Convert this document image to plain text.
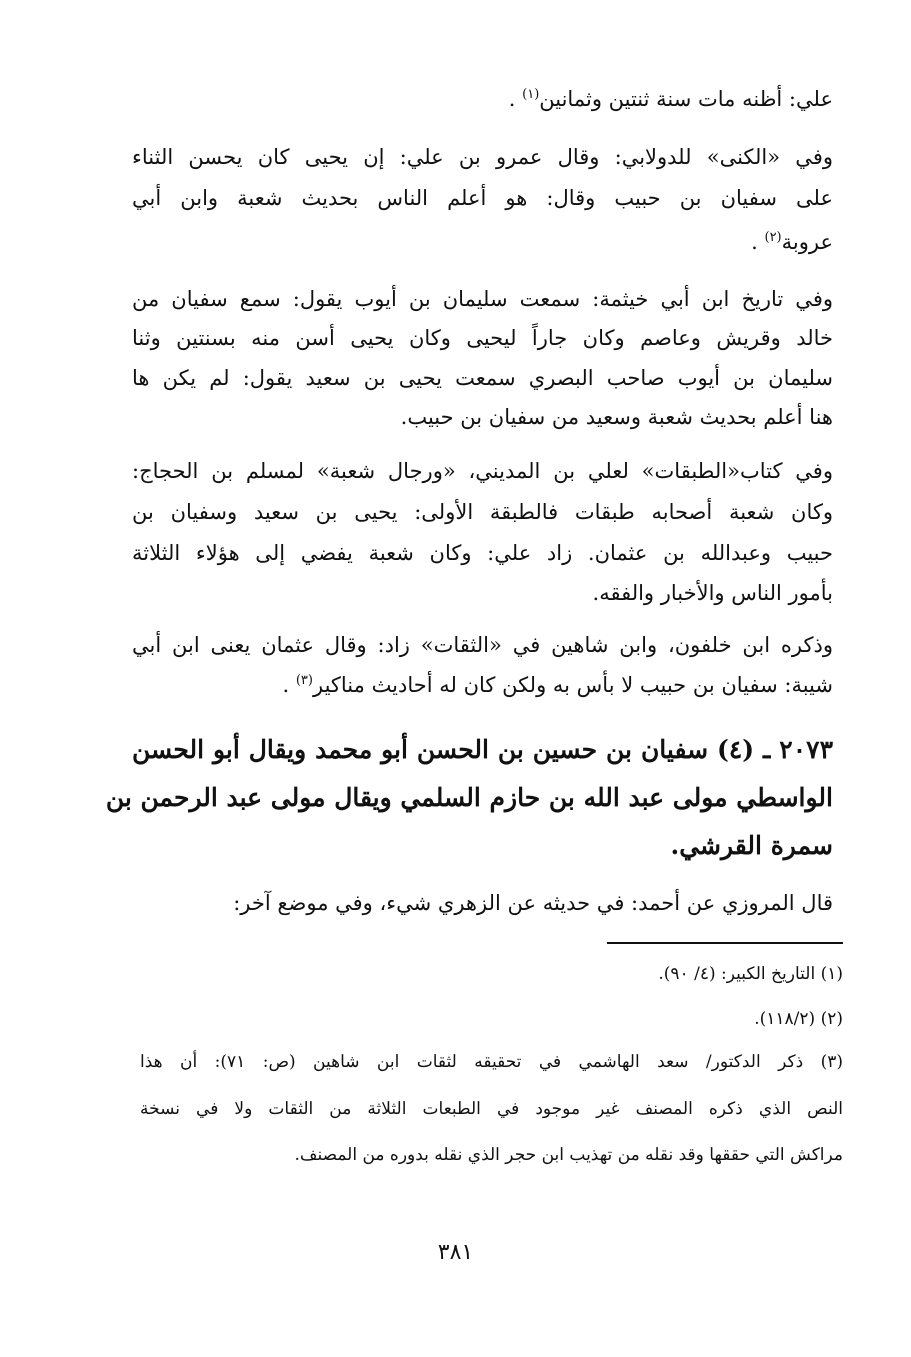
علي: أظنه مات سنة ثنتين وثمانين$^{(١)}$ .
وفي «الكنى» للدولابي: وقال عمرو بن علي: إن يحيى كان يحسن الثناء
على سفيان بن حبيب وقال: هو أعلم الناس بحديث شعبة وابن أبي
عروبة$^{(٢)}$ .
وفي تاريخ ابن أبي خيثمة: سمعت سليمان بن أيوب يقول: سمع سفيان من
خالد وقريش وعاصم وكان جاراً ليحيى وكان يحيى أسن منه بسنتين وثنا
سليمان بن أيوب صاحب البصري سمعت يحيى بن سعيد يقول: لم يكن ها
هنا أعلم بحديث شعبة وسعيد من سفيان بن حبيب.
وفي كتاب«الطبقات» لعلي بن المديني، «ورجال شعبة» لمسلم بن الحجاج:
وكان شعبة أصحابه طبقات فالطبقة الأولى: يحيى بن سعيد وسفيان بن
حبيب وعبدالله بن عثمان. زاد علي: وكان شعبة يفضي إلى هؤلاء الثلاثة
بأمور الناس والأخبار والفقه.
وذكره ابن خلفون، وابن شاهين في «الثقات» زاد: وقال عثمان يعنى ابن أبي
شيبة: سفيان بن حبيب لا بأس به ولكن كان له أحاديث مناكير$^{(٣)}$ .
٢٠٧٣ ـ (٤) سفيان بن حسين بن الحسن أبو محمد ويقال أبو الحسن
الواسطي مولى عبد الله بن حازم السلمي ويقال مولى عبد الرحمن بن
سمرة القرشي.
قال المروزي عن أحمد: في حديثه عن الزهري شيء، وفي موضع آخر:
(١) التاريخ الكبير: (٤/ ٩٠).
(٢) (١١٨/٢).
(٣) ذكر الدكتور/ سعد الهاشمي في تحقيقه لثقات ابن شاهين (ص: ٧١): أن هذا
النص الذي ذكره المصنف غير موجود في الطبعات الثلاثة من الثقات ولا في نسخة
مراكش التي حققها وقد نقله من تهذيب ابن حجر الذي نقله بدوره من المصنف.
٣٨١
